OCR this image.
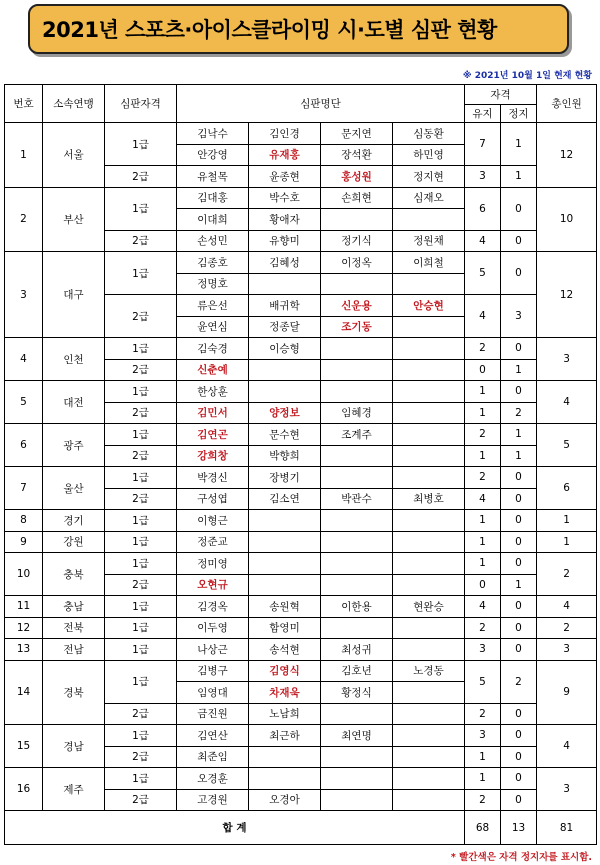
2021년 스포츠·아이스클라이밍 시·도별 심판 현황
※ 2021년 10월 1일 현재 현황
번호	소속연맹	심판자격	심판명단				자격		총인원
							유지	정지	
1	서울	1급	김낙수	김인경	문지연	심동환	7	1	12
			안강영	유재홍	장석환	하민영			
		2급	유철목	윤종현	홍성원	정지현	3	1	
2	부산	1급	김대홍	박수호	손희현	심재오	6	0	10
			이대희	황애자					
		2급	손성민	유향미	정기식	정원채	4	0	
3	대구	1급	김종호	김혜성	이정옥	이희철	5	0	12
			정명호						
		2급	류은선	배귀학	신운용	안승현	4	3	
			윤연심	정종달	조기동				
4	인천	1급	김숙경	이승형			2	0	3
		2급	신춘예				0	1	
5	대전	1급	한상훈				1	0	4
		2급	김민서	양정보	임혜경		1	2	
6	광주	1급	김연곤	문수현	조계주		2	1	5
		2급	강희창	박향희			1	1	
7	울산	1급	박경신	장병기			2	0	6
		2급	구성엽	김소연	박관수	최병호	4	0	
8	경기	1급	이형근				1	0	1
9	강원	1급	정준교				1	0	1
10	충북	1급	정미영				1	0	2
		2급	오현규				0	1	
11	충남	1급	김경옥	송원혁	이한용	현완승	4	0	4
12	전북	1급	이두영	함영미			2	0	2
13	전남	1급	나상근	송석현	최성귀		3	0	3
14	경북	1급	김병구	김영식	김호년	노경동	5	2	9
			임영대	차재욱	황정식				
		2급	금진원	노남희			2	0	
15	경남	1급	김연산	최근하	최연명		3	0	4
		2급	최준임				1	0	
16	제주	1급	오경훈				1	0	3
		2급	고경원	오경아			2	0	
합 계							68	13	81
* 빨간색은 자격 정지자를 표시함.
